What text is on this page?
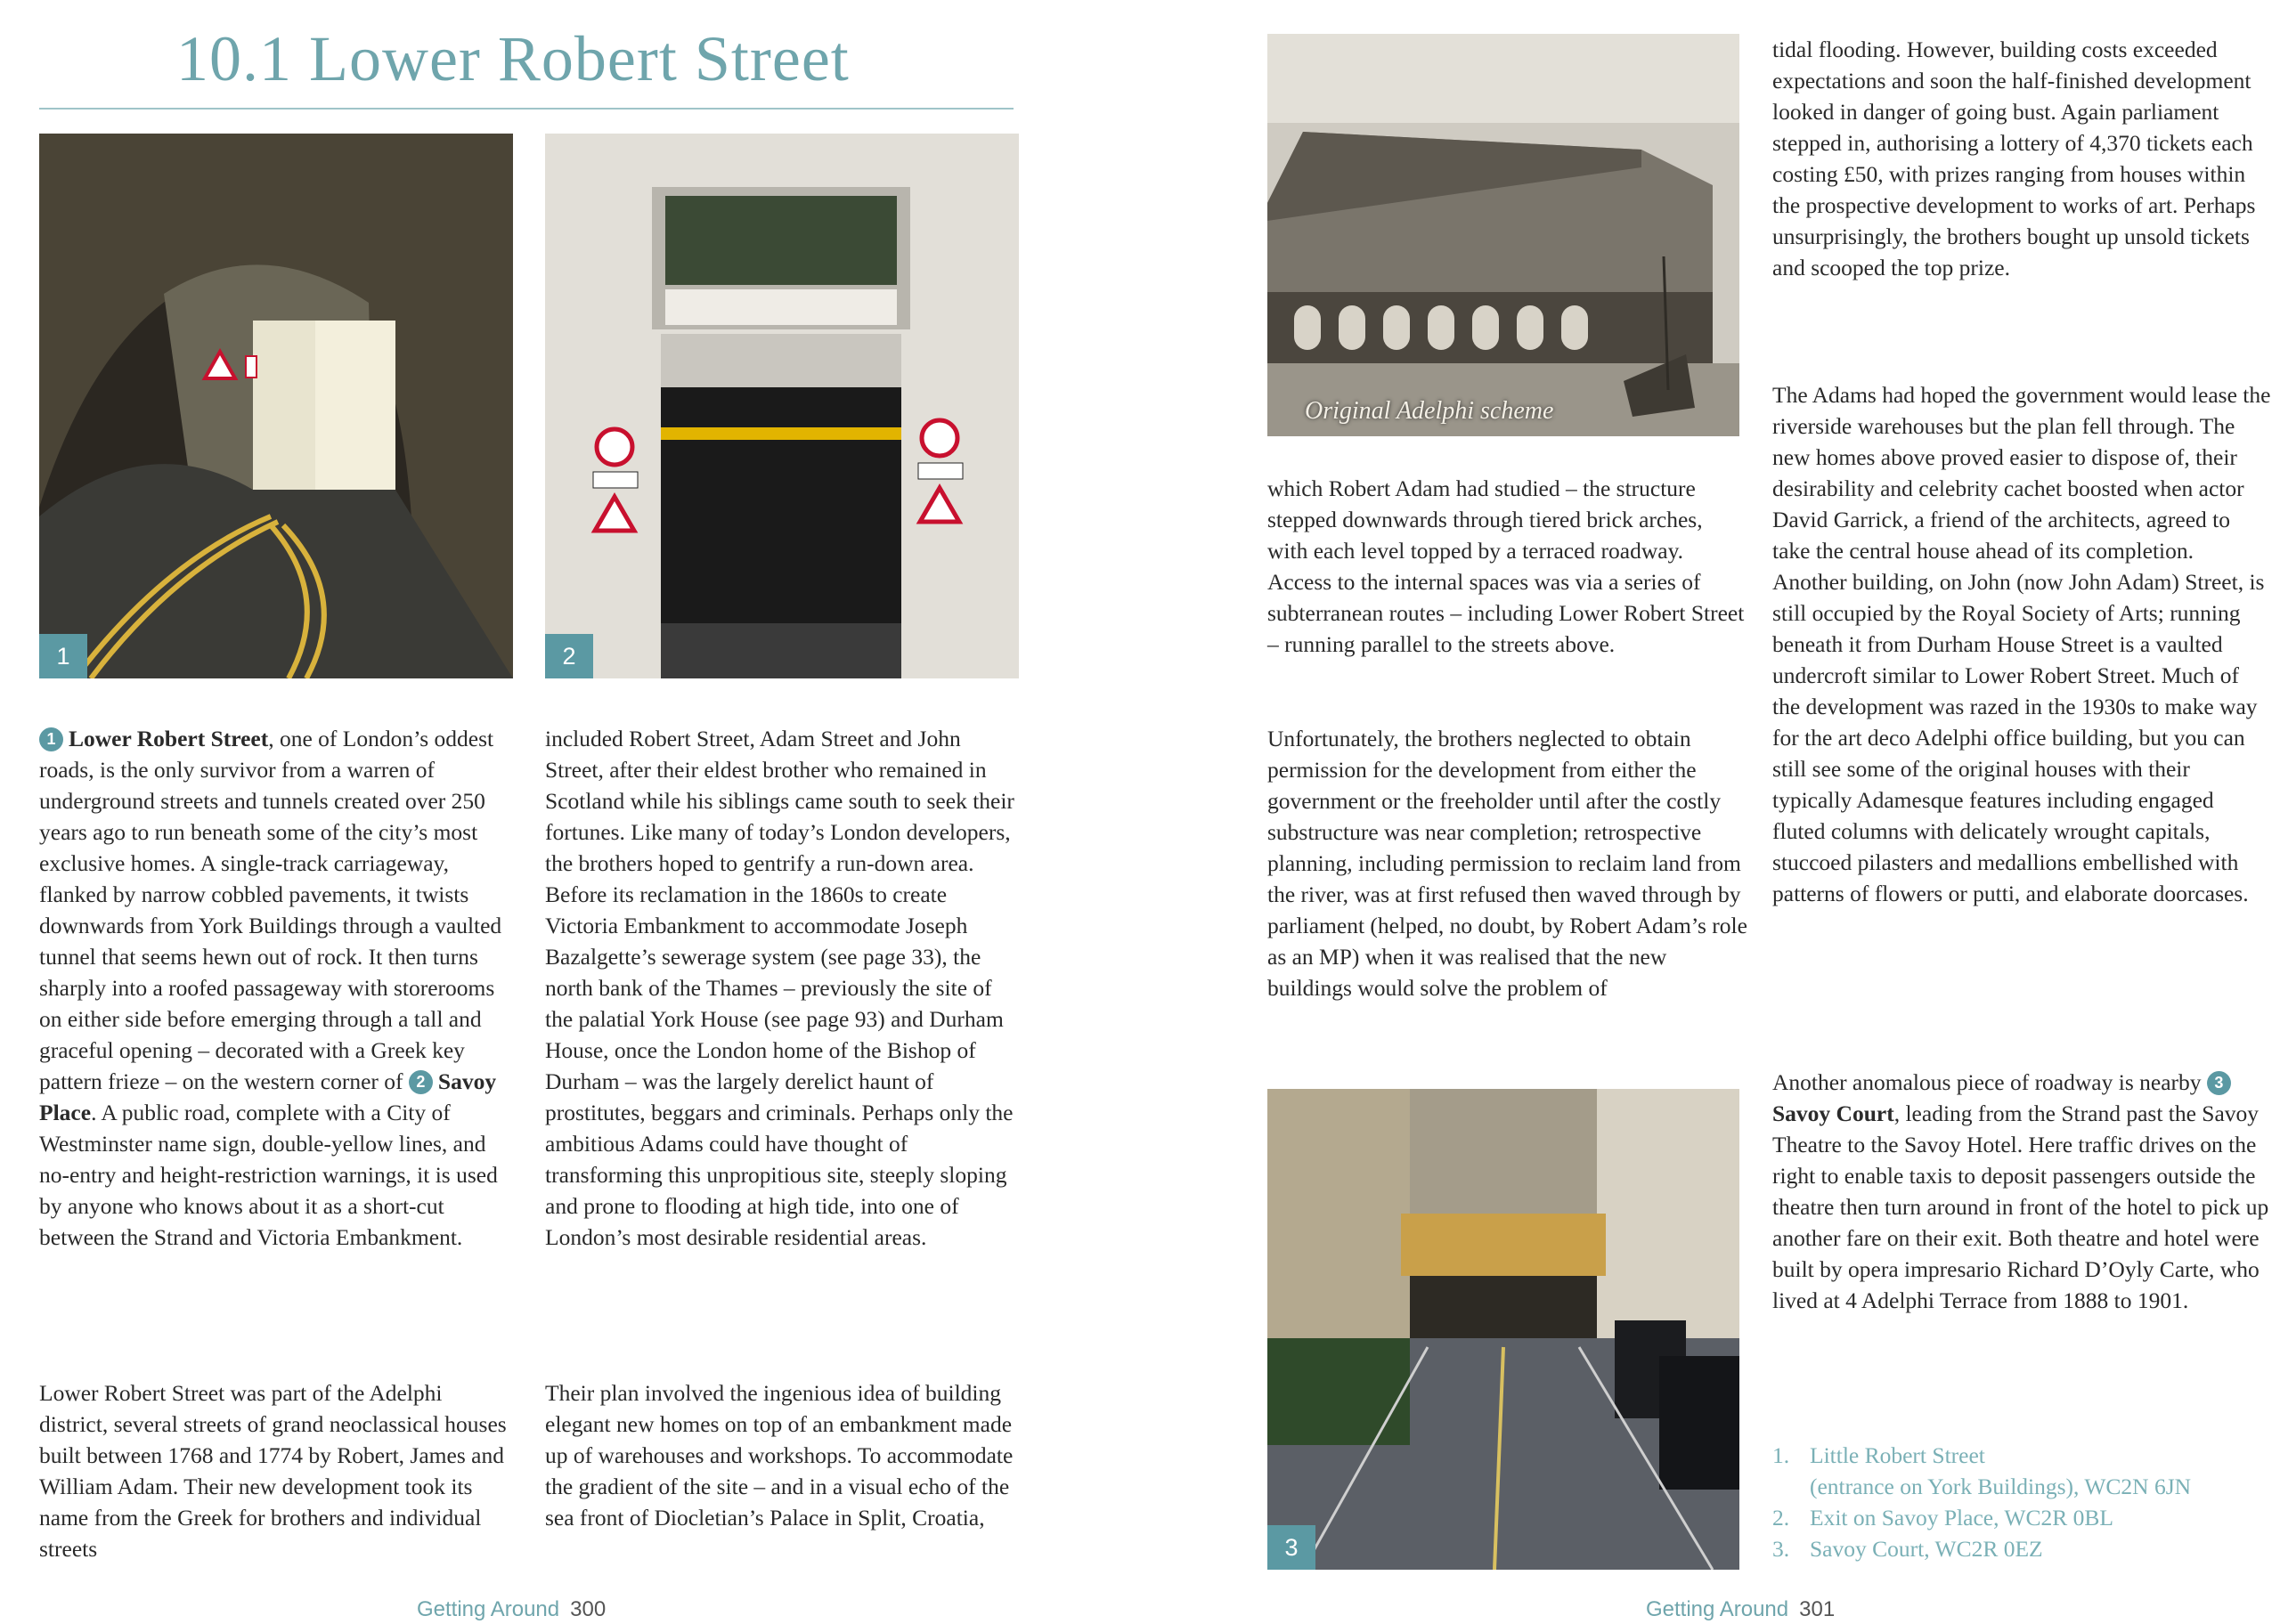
10.1 Lower Robert Street
1	2

1 Lower Robert Street, one of London’s oddest roads, is the only survivor from a warren of underground streets and tunnels created over 250 years ago to run beneath some of the city’s most exclusive homes. A single-track carriageway, flanked by narrow cobbled pavements, it twists downwards from York Buildings through a vaulted tunnel that seems hewn out of rock. It then turns sharply into a roofed passageway with storerooms on either side before emerging through a tall and graceful opening – decorated with a Greek key pattern frieze – on the western corner of 2 Savoy Place. A public road, complete with a City of Westminster name sign, double-yellow lines, and no-entry and height-restriction warnings, it is used by anyone who knows about it as a short-cut between the Strand and Victoria Embankment.

Lower Robert Street was part of the Adelphi district, several streets of grand neoclassical houses built between 1768 and 1774 by Robert, James and William Adam. Their new development took its name from the Greek for brothers and individual streets

included Robert Street, Adam Street and John Street, after their eldest brother who remained in Scotland while his siblings came south to seek their fortunes. Like many of today’s London developers, the brothers hoped to gentrify a run-down area. Before its reclamation in the 1860s to create Victoria Embankment to accommodate Joseph Bazalgette’s sewerage system (see page 33), the north bank of the Thames – previously the site of the palatial York House (see page 93) and Durham House, once the London home of the Bishop of Durham – was the largely derelict haunt of prostitutes, beggars and criminals. Perhaps only the ambitious Adams could have thought of transforming this unpropitious site, steeply sloping and prone to flooding at high tide, into one of London’s most desirable residential areas.

Their plan involved the ingenious idea of building elegant new homes on top of an embankment made up of warehouses and workshops. To accommodate the gradient of the site – and in a visual echo of the sea front of Diocletian’s Palace in Split, Croatia,

Getting Around 300
Original Adelphi scheme

which Robert Adam had studied – the structure stepped downwards through tiered brick arches, with each level topped by a terraced roadway. Access to the internal spaces was via a series of subterranean routes – including Lower Robert Street – running parallel to the streets above.

Unfortunately, the brothers neglected to obtain permission for the development from either the government or the freeholder until after the costly substructure was near completion; retrospective planning, including permission to reclaim land from the river, was at first refused then waved through by parliament (helped, no doubt, by Robert Adam’s role as an MP) when it was realised that the new buildings would solve the problem of

3

tidal flooding. However, building costs exceeded expectations and soon the half-finished development looked in danger of going bust. Again parliament stepped in, authorising a lottery of 4,370 tickets each costing £50, with prizes ranging from houses within the prospective development to works of art. Perhaps unsurprisingly, the brothers bought up unsold tickets and scooped the top prize.

The Adams had hoped the government would lease the riverside warehouses but the plan fell through. The new homes above proved easier to dispose of, their desirability and celebrity cachet boosted when actor David Garrick, a friend of the architects, agreed to take the central house ahead of its completion. Another building, on John (now John Adam) Street, is still occupied by the Royal Society of Arts; running beneath it from Durham House Street is a vaulted undercroft similar to Lower Robert Street. Much of the development was razed in the 1930s to make way for the art deco Adelphi office building, but you can still see some of the original houses with their typically Adamesque features including engaged fluted columns with delicately wrought capitals, stuccoed pilasters and medallions embellished with patterns of flowers or putti, and elaborate doorcases.

Another anomalous piece of roadway is nearby 3Savoy Court, leading from the Strand past the Savoy Theatre to the Savoy Hotel. Here traffic drives on the right to enable taxis to deposit passengers outside the theatre then turn around in front of the hotel to pick up another fare on their exit. Both theatre and hotel were built by opera impresario Richard D’Oyly Carte, who lived at 4 Adelphi Terrace from 1888 to 1901.

1. Little Robert Street
(entrance on York Buildings), WC2N 6JN
2. Exit on Savoy Place, WC2R 0BL
3. Savoy Court, WC2R 0EZ
Getting Around 301
